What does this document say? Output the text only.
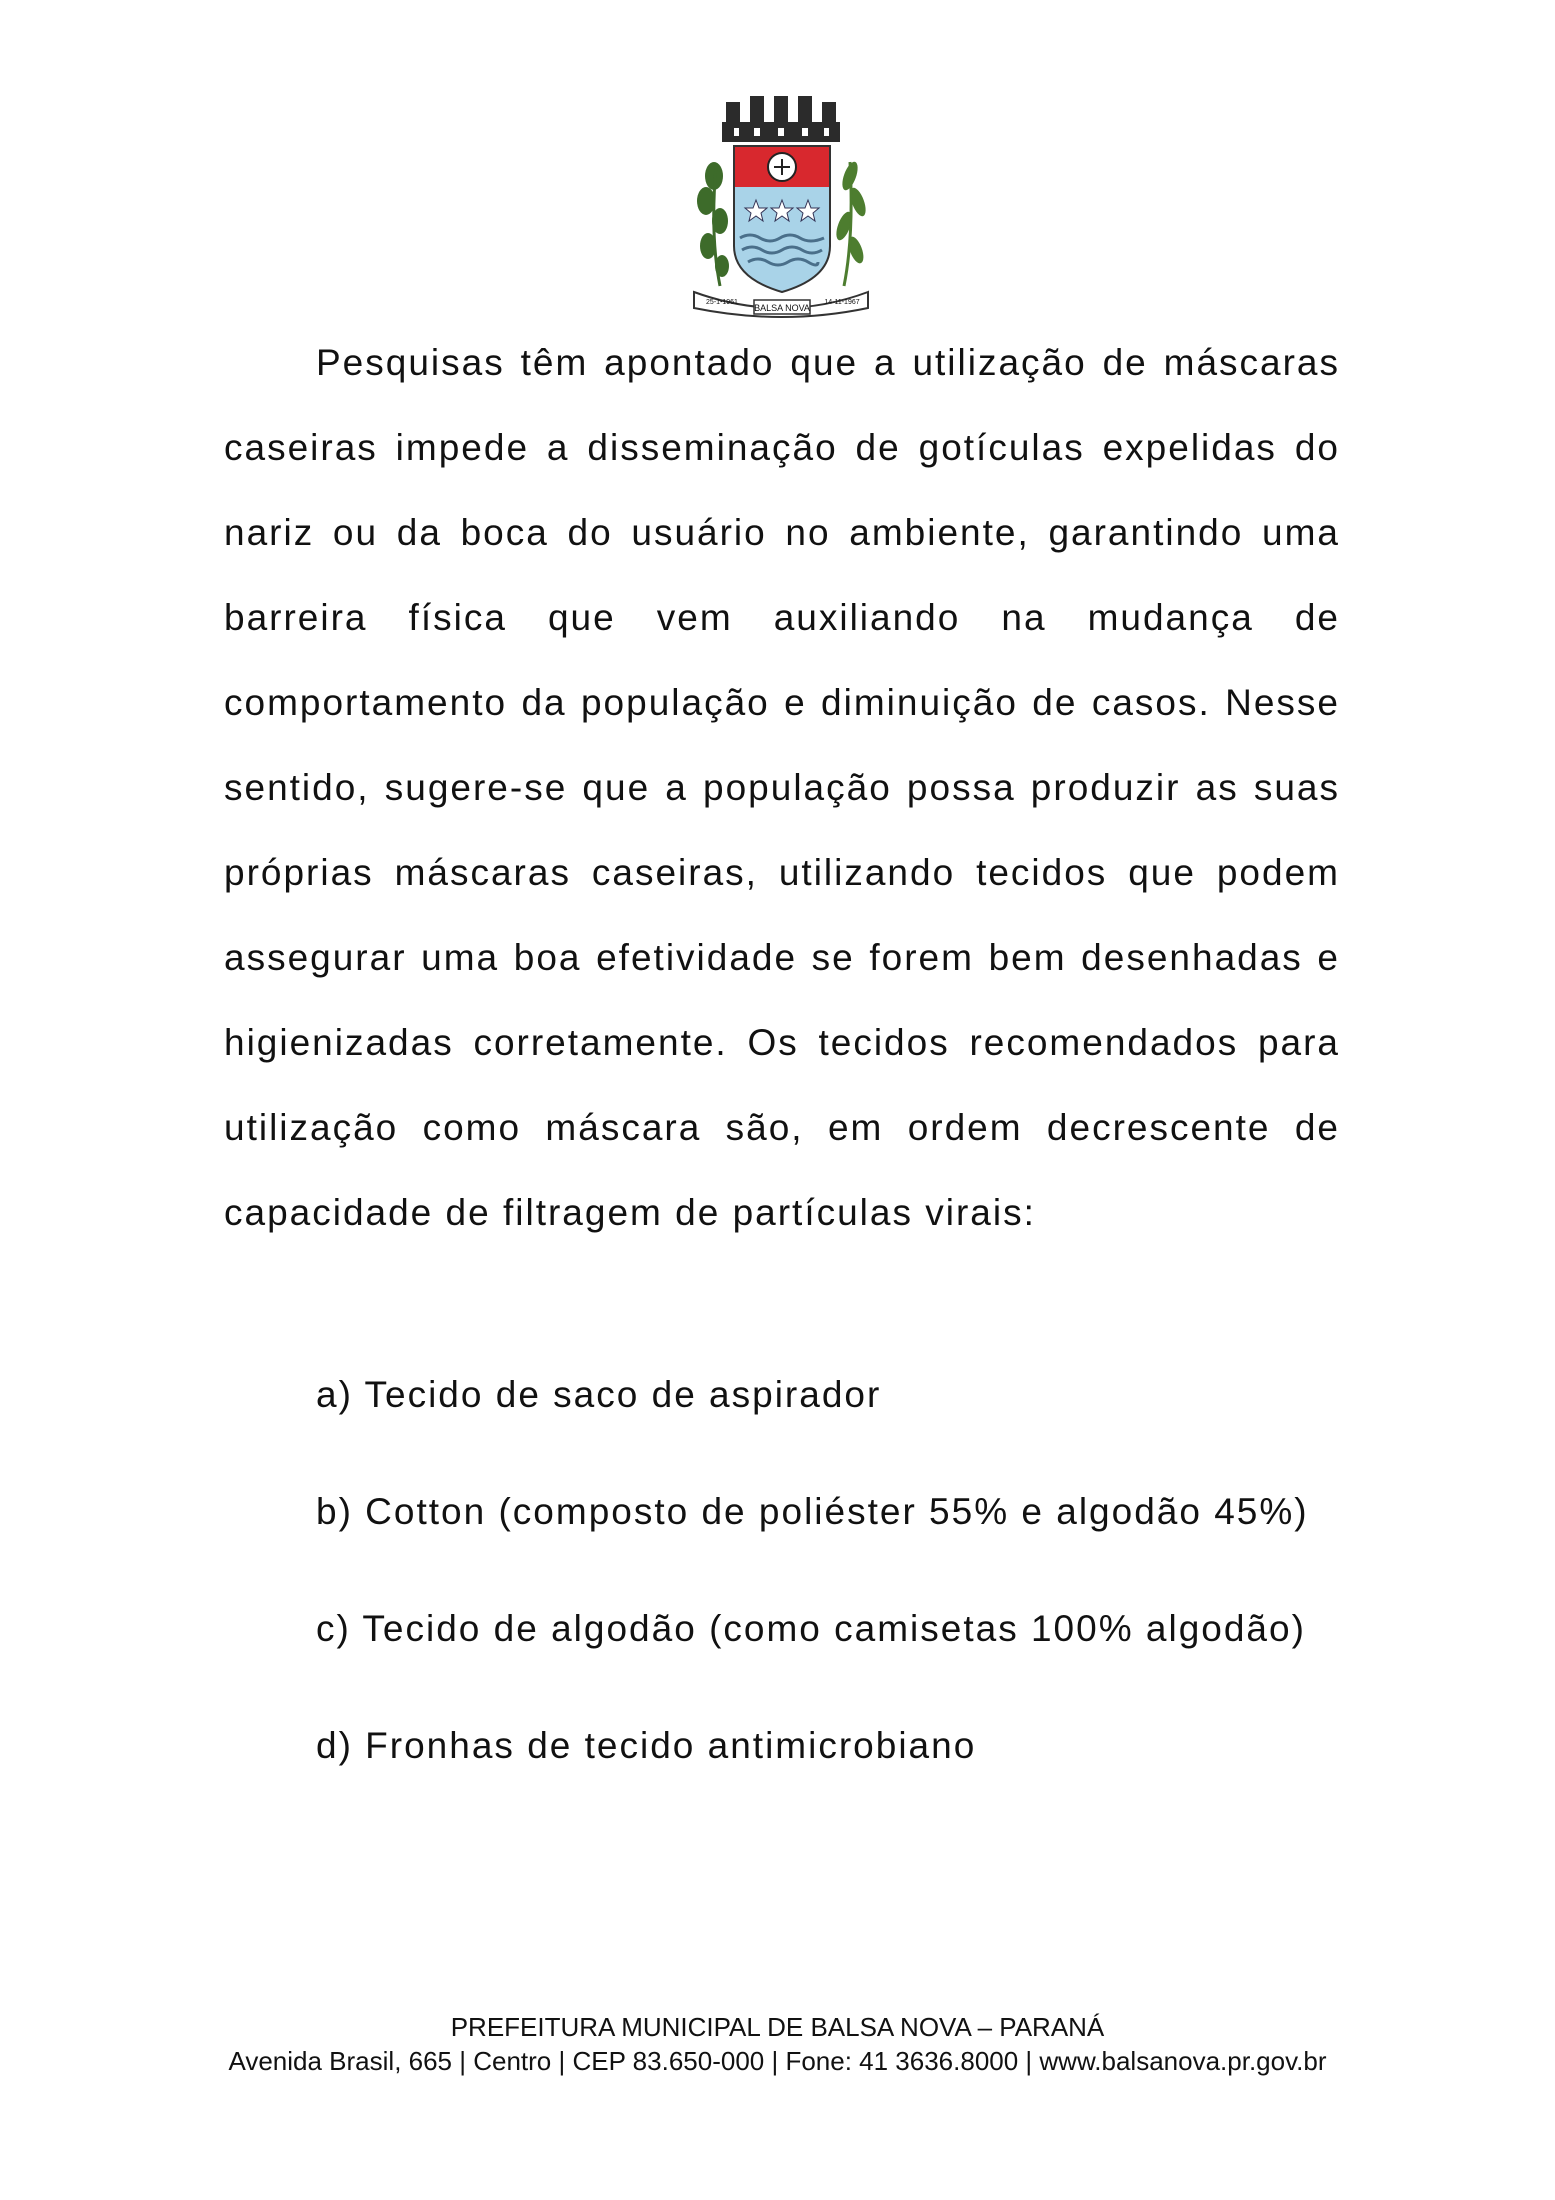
BALSA NOVA
25-1-1961	14-11-1967

Pesquisas têm apontado que a utilização de máscaras caseiras impede a disseminação de gotículas expelidas do nariz ou da boca do usuário no ambiente, garantindo uma barreira física que vem auxiliando na mudança de comportamento da população e diminuição de casos. Nesse sentido, sugere-se que a população possa produzir as suas próprias máscaras caseiras, utilizando tecidos que podem assegurar uma boa efetividade se forem bem desenhadas e higienizadas corretamente. Os tecidos recomendados para utilização como máscara são, em ordem decrescente de capacidade de filtragem de partículas virais:

a) Tecido de saco de aspirador
b) Cotton (composto de poliéster 55% e algodão 45%)
c) Tecido de algodão (como camisetas 100% algodão)
d) Fronhas de tecido antimicrobiano
PREFEITURA MUNICIPAL DE BALSA NOVA – PARANÁ
Avenida Brasil, 665 | Centro | CEP 83.650-000 | Fone: 41 3636.8000 | www.balsanova.pr.gov.br
